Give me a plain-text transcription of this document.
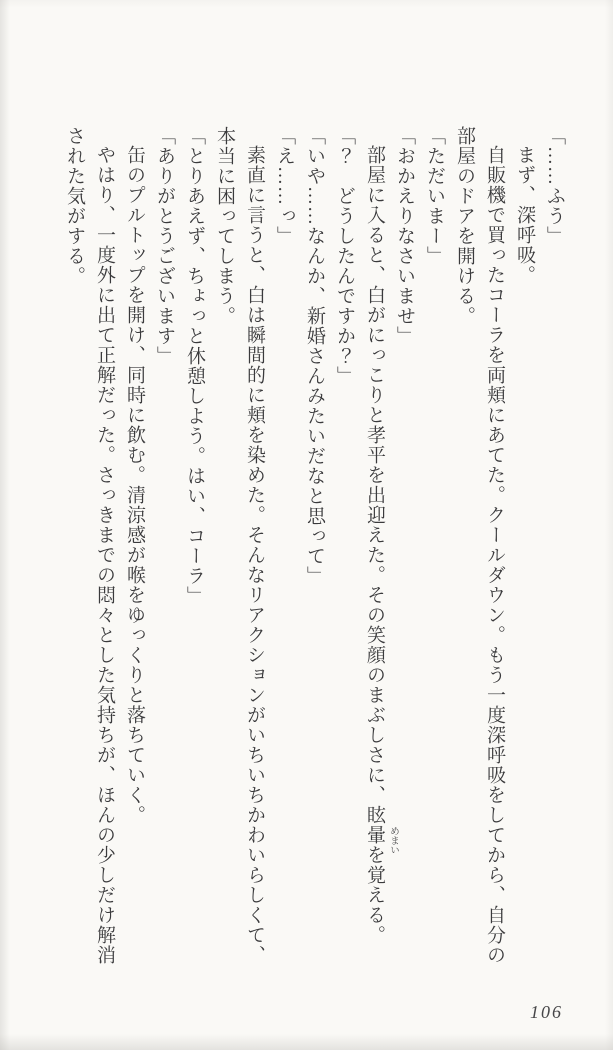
「……ふう」

まず、深呼吸。

自販機で買ったコーラを両頬にあてた。クールダウン。もう一度深呼吸をしてから、自分の

部屋のドアを開ける。

「ただいまー」

「おかえりなさいませ」

部屋に入ると、白がにっこりと孝平を出迎えた。その笑顔のまぶしさに、眩暈 めまい
を覚える。

「？　どうしたんですか？」

「いや……なんか、新婚さんみたいだなと思って」

「え……っ」

素直に言うと、白は瞬間的に頬を染めた。そんなリアクションがいちいちかわいらしくて、

本当に困ってしまう。

「とりあえず、ちょっと休憩しよう。はい、コーラ」

「ありがとうございます」

缶のプルトップを開け、同時に飲む。清涼感が喉をゆっくりと落ちていく。

やはり、一度外に出て正解だった。さっきまでの悶々とした気持ちが、ほんの少しだけ解消

された気がする。

106
